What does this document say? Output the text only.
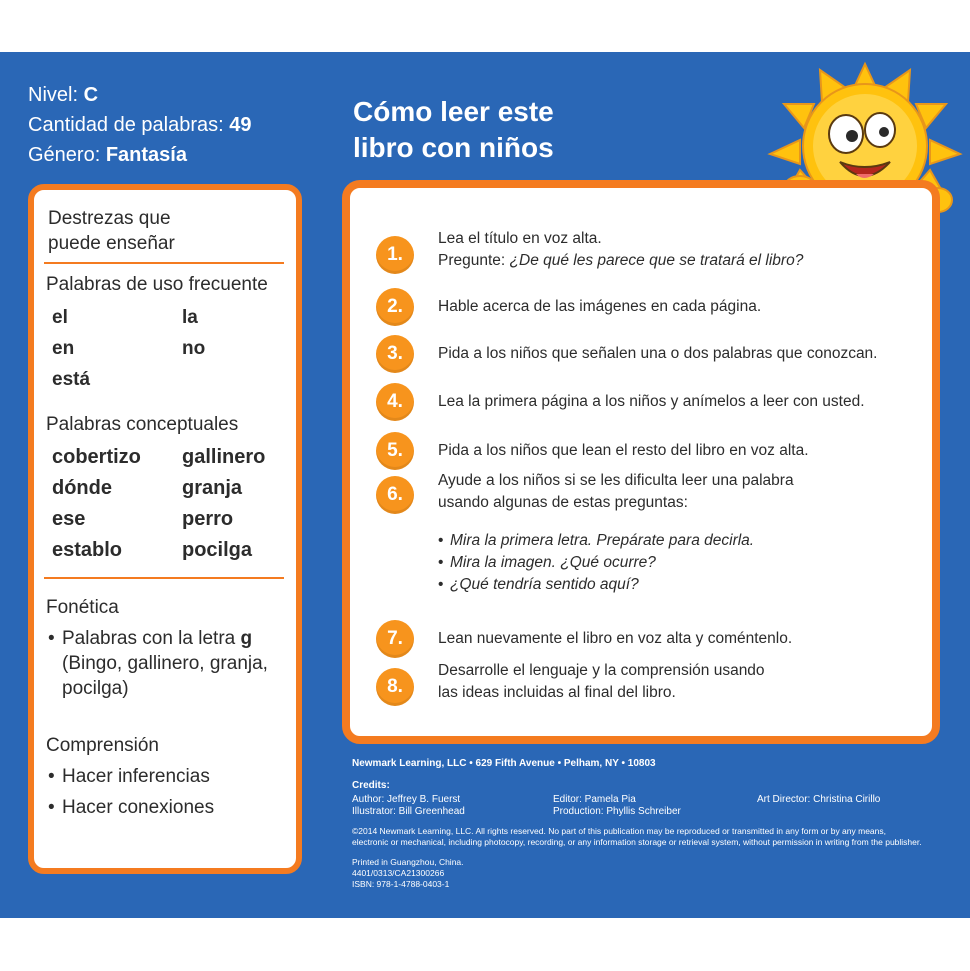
Nivel: C
Cantidad de palabras: 49
Género: Fantasía
Cómo leer este
libro con niños
Destrezas que
puede enseñar
Palabras de uso frecuente
el	la
en	no
está
Palabras conceptuales
cobertizo	gallinero
dónde	granja
ese	perro
establo	pocilga
Fonética
• Palabras con la letra g
(Bingo, gallinero, granja, pocilga)
Comprensión
• Hacer inferencias
• Hacer conexiones
1.
Lea el título en voz alta.
Pregunte: ¿De qué les parece que se tratará el libro?
2.	Hable acerca de las imágenes en cada página.
3.	Pida a los niños que señalen una o dos palabras que conozcan.
4.	Lea la primera página a los niños y anímelos a leer con usted.
5.	Pida a los niños que lean el resto del libro en voz alta.
6.
Ayude a los niños si se les dificulta leer una palabra
usando algunas de estas preguntas:
• Mira la primera letra. Prepárate para decirla.
• Mira la imagen. ¿Qué ocurre?
• ¿Qué tendría sentido aquí?
7.	Lean nuevamente el libro en voz alta y coméntenlo.
8.
Desarrolle el lenguaje y la comprensión usando
las ideas incluidas al final del libro.
Newmark Learning, LLC • 629 Fifth Avenue • Pelham, NY • 10803
Credits:
Author: Jeffrey B. Fuerst
Illustrator: Bill Greenhead
Editor: Pamela Pia
Production: Phyllis Schreiber
Art Director: Christina Cirillo
©2014 Newmark Learning, LLC. All rights reserved. No part of this publication may be reproduced or transmitted in any form or by any means,
electronic or mechanical, including photocopy, recording, or any information storage or retrieval system, without permission in writing from the publisher.
Printed in Guangzhou, China.
4401/0313/CA21300266
ISBN: 978-1-4788-0403-1
